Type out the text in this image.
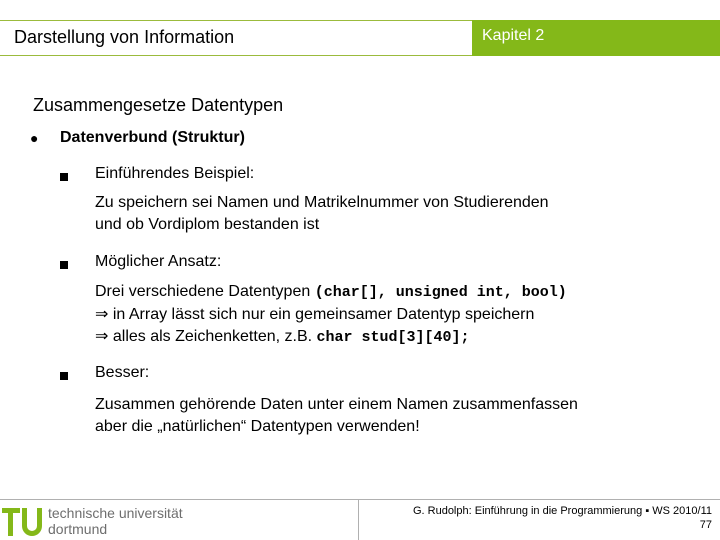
Darstellung von Information	Kapitel 2
Zusammengesetze Datentypen
● Datenverbund (Struktur)
Einführendes Beispiel:
Zu speichern sei Namen und Matrikelnummer von Studierenden
und ob Vordiplom bestanden ist
Möglicher Ansatz:
Drei verschiedene Datentypen (char[], unsigned int, bool)
⇒ in Array lässt sich nur ein gemeinsamer Datentyp speichern
⇒ alles als Zeichenketten, z.B. char stud[3][40];
Besser:
Zusammen gehörende Daten unter einem Namen zusammenfassen
aber die „natürlichen“ Datentypen verwenden!
technische universität
dortmund
G. Rudolph: Einführung in die Programmierung ▪ WS 2010/11
77
